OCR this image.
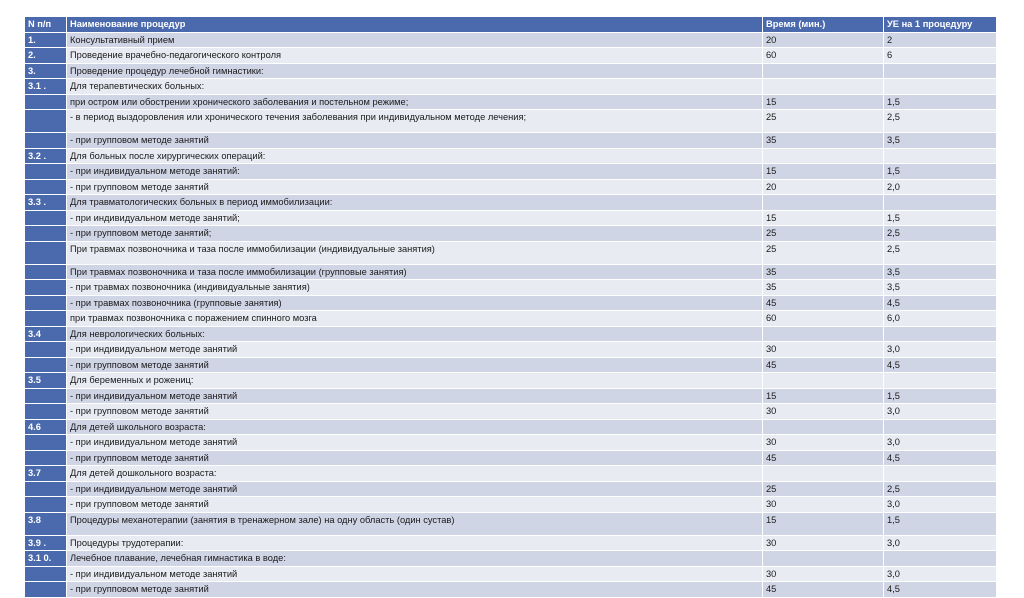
N п/п	Наименование процедур	Время (мин.)	УЕ на 1 процедуру
1.	Консультативный прием	20	2
2.	Проведение врачебно-педагогического контроля	60	6
3.	Проведение процедур лечебной гимнастики:		
3.1 .	Для терапевтических больных:		
	при остром или обострении хронического заболевания и постельном режиме;	15	1,5
	- в период выздоровления или хронического течения заболевания при индивидуальном методе лечения;	25	2,5
	- при групповом методе занятий	35	3,5
3.2 .	Для больных после хирургических операций:		
	- при индивидуальном методе занятий:	15	1,5
	- при групповом методе занятий	20	2,0
3.3 .	Для травматологических больных в период иммобилизации:		
	- при индивидуальном методе занятий;	15	1,5
	- при групповом методе занятий;	25	2,5
	При травмах позвоночника и таза после иммобилизации (индивидуальные занятия)	25	2,5
	При травмах позвоночника и таза после иммобилизации (групповые занятия)	35	3,5
	- при травмах позвоночника (индивидуальные занятия)	35	3,5
	- при травмах позвоночника (групповые занятия)	45	4,5
	при травмах позвоночника с поражением спинного мозга	60	6,0
3.4	Для неврологических больных:		
	- при индивидуальном методе занятий	30	3,0
	- при групповом методе занятий	45	4,5
3.5	Для беременных и рожениц:		
	- при индивидуальном методе занятий	15	1,5
	- при групповом методе занятий	30	3,0
4.6	Для детей школьного возраста:		
	- при индивидуальном методе занятий	30	3,0
	- при групповом методе занятий	45	4,5
3.7	Для детей дошкольного возраста:		
	- при индивидуальном методе занятий	25	2,5
	- при групповом методе занятий	30	3,0
3.8	Процедуры механотерапии (занятия в тренажерном зале) на одну область (один сустав)	15	1,5
3.9 .	Процедуры трудотерапии:	30	3,0
3.1 0.	Лечебное плавание, лечебная гимнастика в воде:		
	- при индивидуальном методе занятий	30	3,0
	- при групповом методе занятий	45	4,5
